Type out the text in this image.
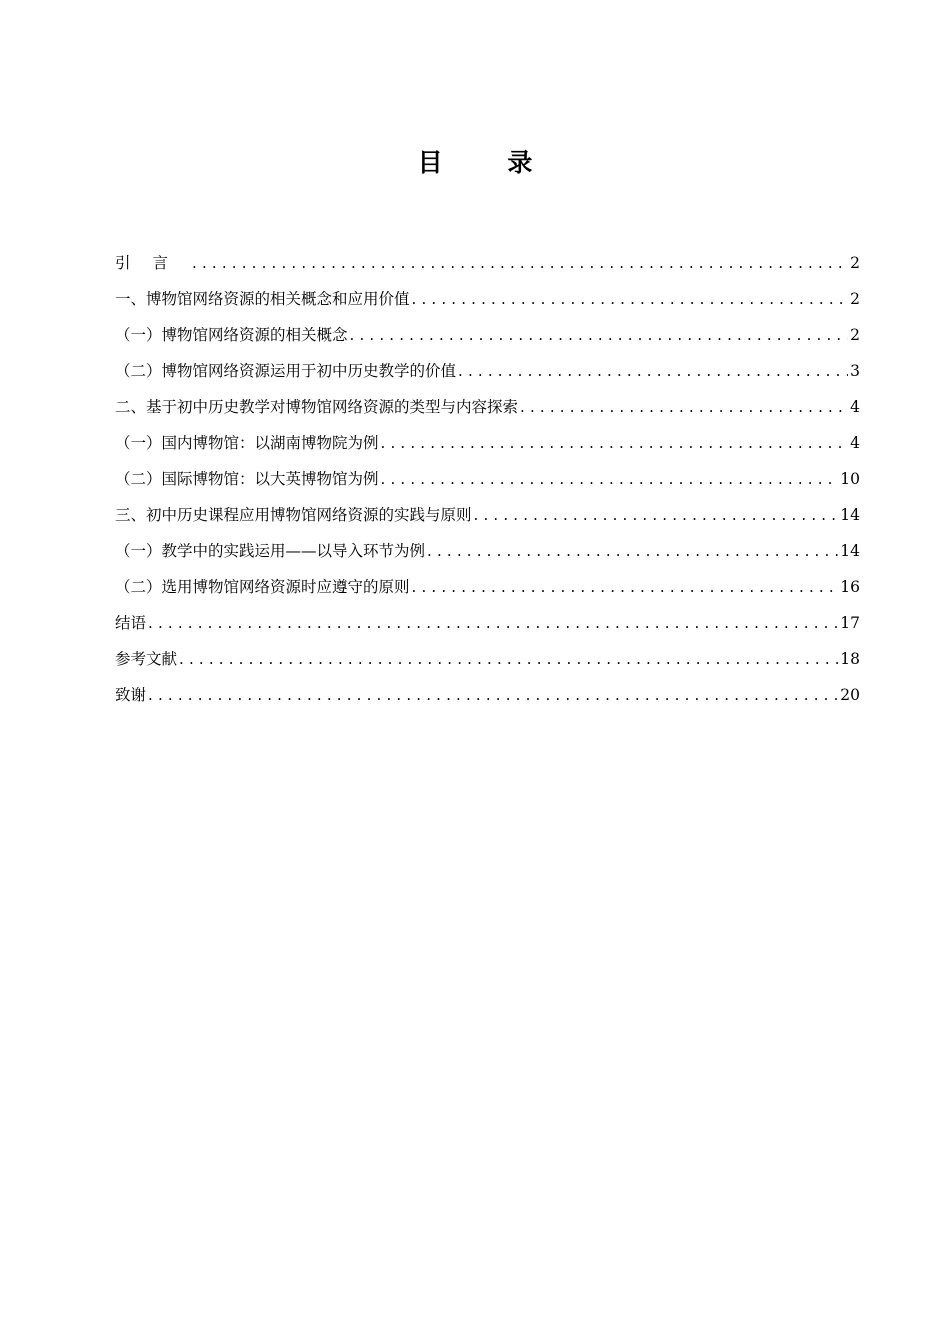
目 录
引言 . . .	2
一、博物馆网络资源的相关概念和应用价值 . . .	2
（一）博物馆网络资源的相关概念 . . .	2
（二）博物馆网络资源运用于初中历史教学的价值 . . .	3
二、基于初中历史教学对博物馆网络资源的类型与内容探索 . . .	4
（一）国内博物馆：以湖南博物院为例 . . .	4
（二）国际博物馆：以大英博物馆为例 . . .	10
三、初中历史课程应用博物馆网络资源的实践与原则 . . .	14
（一）教学中的实践运用——以导入环节为例 . . .	14
（二）选用博物馆网络资源时应遵守的原则 . . .	16
结语 . . .	17
参考文献 . . .	18
致谢 . . .	20
